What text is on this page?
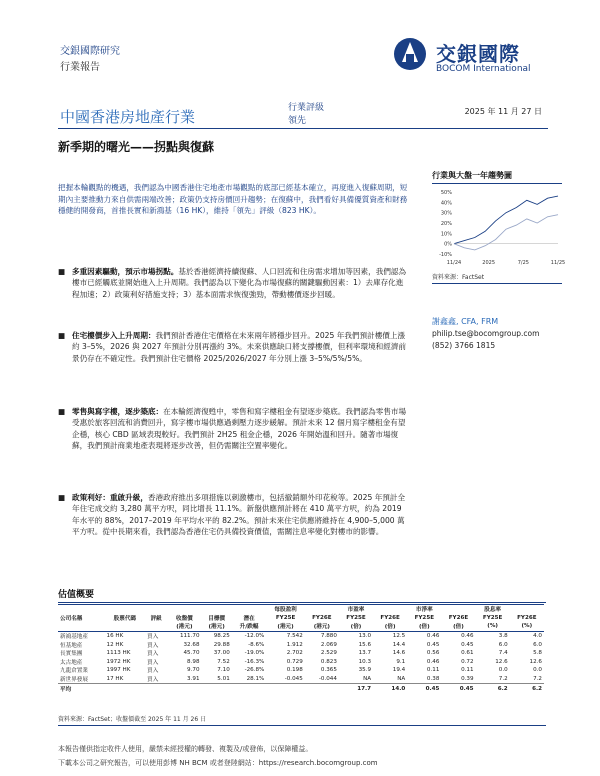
交銀國際研究
行業報告
交銀國際
BOCOM International
中國香港房地產行業	行業評級
領先
2025 年 11 月 27 日
新季期的曙光——拐點與復蘇
把握本輪觀點的機遇，我們認為中國香港住宅地產市場觀點的底部已經基本確立，再度進入復蘇周期，短期內主要推動力來自供需兩端改善；政策仍支持房價回升趨勢；在復蘇中，我們看好具備優質資產和財務穩健的開發商，首推長實和新鴻基（16 HK），維持「領先」評級（823 HK）。
■ 多重因素驅動，預示市場拐點。基於香港經濟持續復蘇、人口回流和住房需求增加等因素，我們認為樓市已經觸底並開始進入上升周期。我們認為以下變化為市場復蘇的關鍵驅動因素：1）去庫存化進程加速；2）政策利好措施支持；3）基本面需求恢復強勁，帶動樓價逐步回暖。
■ 住宅樓價步入上升周期：我們預計香港住宅價格在未來兩年將穩步回升。2025 年我們預計樓價上漲約 3–5%，2026 與 2027 年預計分別再漲約 3%。未來供應缺口將支撐樓價，但利率環境和經濟前景仍存在不確定性。我們預計住宅價格 2025/2026/2027 年分別上漲 3–5%/5%/5%。
■ 零售與寫字樓，逐步築底：在本輪經濟復甦中，零售和寫字樓租金有望逐步築底。我們認為零售市場受惠於旅客回流和消費回升，寫字樓市場供應過剩壓力逐步緩解。預計未來 12 個月寫字樓租金有望企穩，核心 CBD 區域表現較好。我們預計 2H25 租金企穩，2026 年開始溫和回升。隨著市場復蘇，我們預計商業地產表現將逐步改善，但仍需關注空置率變化。
■ 政策利好：重啟升級，香港政府推出多項措施以刺激樓市，包括撤銷額外印花稅等。2025 年預計全年住宅成交約 3,280 萬平方呎，同比增長 11.1%。新盤供應預計將在 410 萬平方呎，約為 2019 年水平的 88%，2017–2019 年平均水平的 82.2%。預計未來住宅供應將維持在 4,900–5,000 萬平方呎。從中長期來看，我們認為香港住宅仍具備投資價值，需關注息率變化對樓市的影響。
行業與大盤一年趨勢圖
50%
40%
30%
20%
10%
0%
-10%
11/24	2025	7/25	11/25
資料來源：FactSet
謝鑫鑫, CFA, FRM
philip.tse@bocomgroup.com
(852) 3766 1815
估值概要
						每股盈利		市盈率		市淨率		股息率	
公司名稱	股票代碼	評級	收盤價	目標價	潛在	FY25E	FY26E	FY25E	FY26E	FY25E	FY26E	FY25E	FY26E
			(港元)	(港元)	升/跌幅	(港元)	(港元)	(倍)	(倍)	(倍)	(倍)	(%)	(%)
新鴻基地產	16 HK	買入	111.70	98.25	-12.0%	7.542	7.880	13.0	12.5	0.46	0.46	3.8	4.0
恒基地產	12 HK	買入	32.68	29.88	-8.6%	1.912	2.069	15.6	14.4	0.45	0.45	6.0	6.0
長實集團	1113 HK	買入	45.70	37.00	-19.0%	2.702	2.529	13.7	14.6	0.56	0.61	7.4	5.8
太古地產	1972 HK	買入	8.98	7.52	-16.3%	0.729	0.823	10.3	9.1	0.46	0.72	12.6	12.6
九龍倉置業	1997 HK	買入	9.70	7.10	-26.8%	0.198	0.365	35.9	19.4	0.11	0.11	0.0	0.0
新世界發展	17 HK	買入	3.91	5.01	28.1%	-0.045	-0.044	NA	NA	0.38	0.39	7.2	7.2
平均								17.7	14.0	0.45	0.45	6.2	6.2
資料來源：FactSet；收盤價截至 2025 年 11 月 26 日
本報告僅供指定收件人使用，嚴禁未經授權的轉發、複製及/或發佈，以保障權益。
下載本公司之研究報告，可以使用彭博 NH BCM 或者登陸網站：https://research.bocomgroup.com
